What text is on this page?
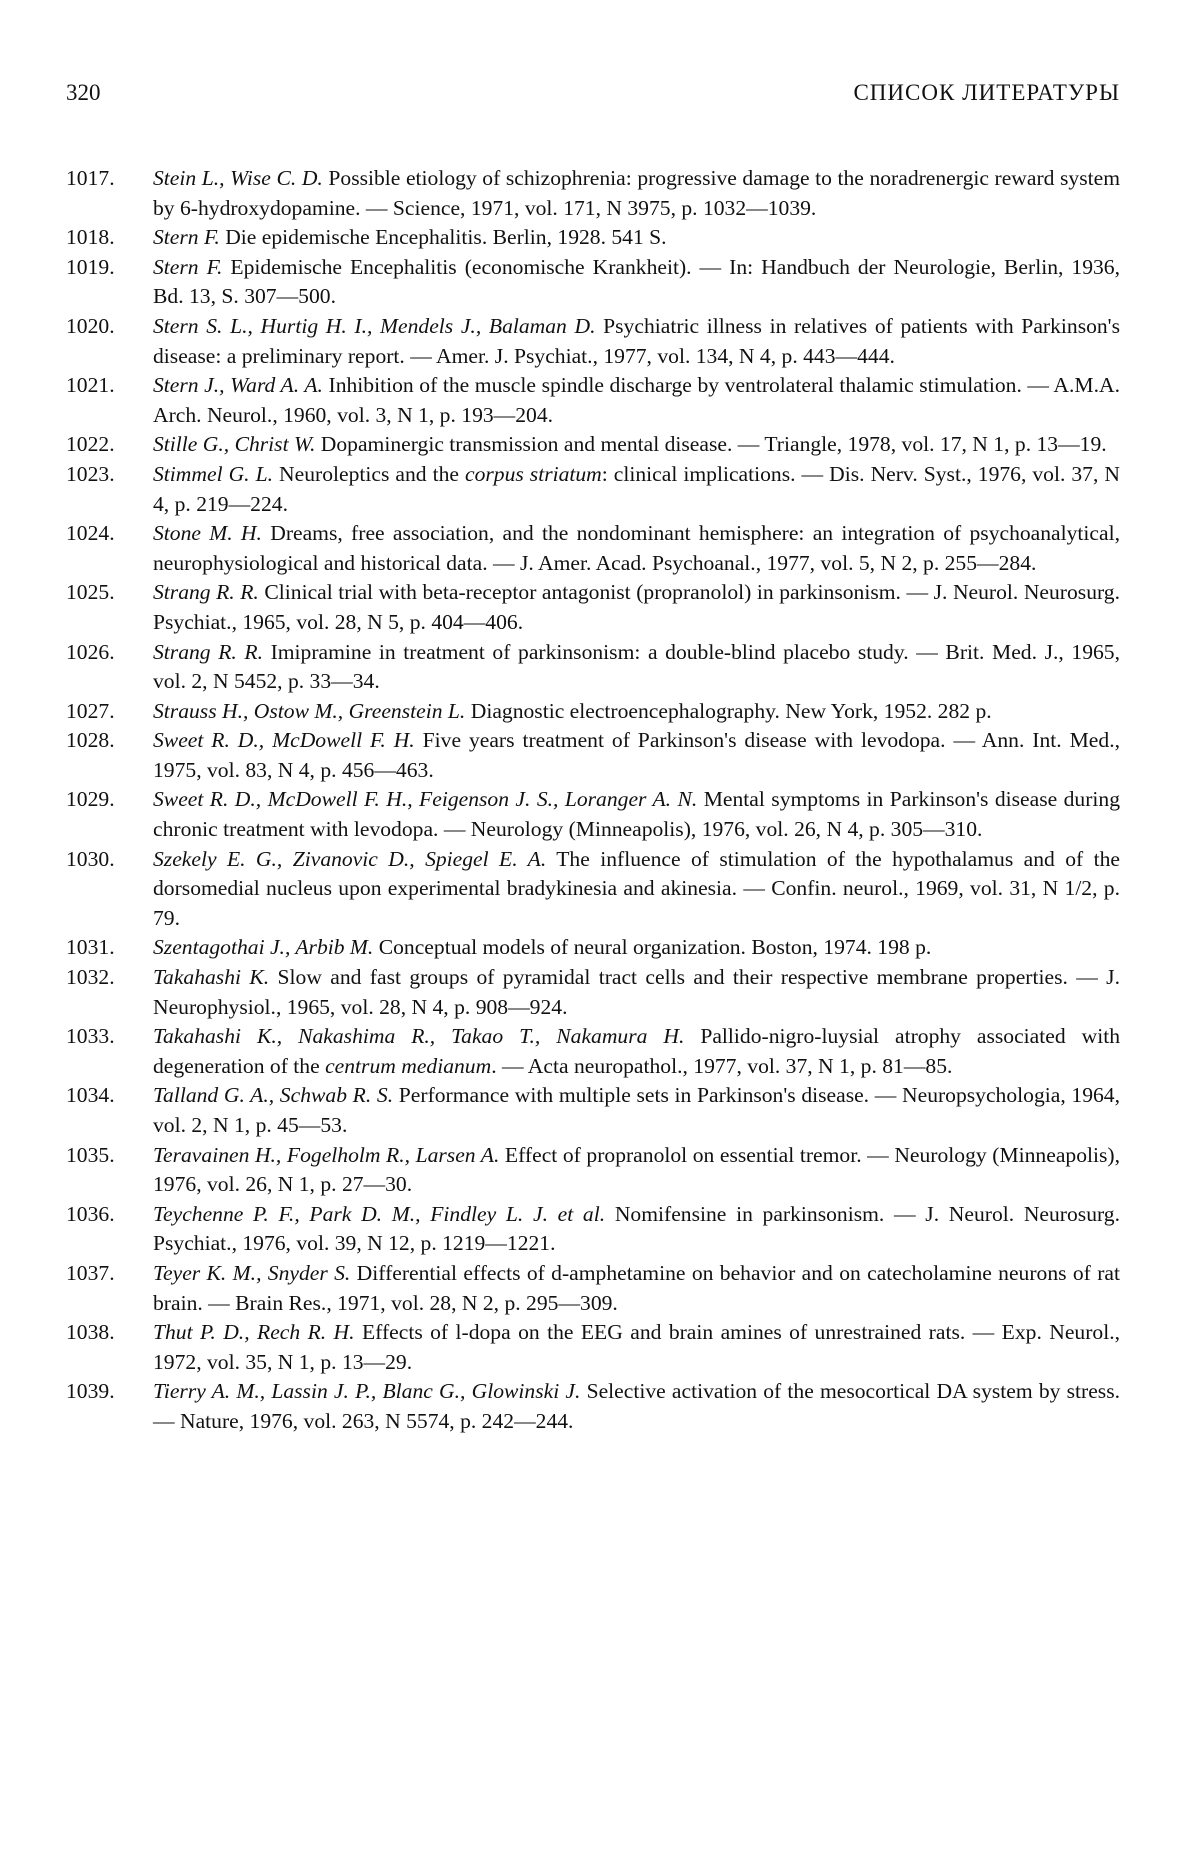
320	СПИСОК ЛИТЕРАТУРЫ
1017.	Stein L., Wise C. D. Possible etiology of schizophrenia: progressive damage to the noradrenergic reward system by 6-hydroxydopamine. — Science, 1971, vol. 171, N 3975, p. 1032—1039.
1018.	Stern F. Die epidemische Encephalitis. Berlin, 1928. 541 S.
1019.	Stern F. Epidemische Encephalitis (economische Krankheit). — In: Handbuch der Neurologie, Berlin, 1936, Bd. 13, S. 307—500.
1020.	Stern S. L., Hurtig H. I., Mendels J., Balaman D. Psychiatric illness in relatives of patients with Parkinson's disease: a preliminary report. — Amer. J. Psychiat., 1977, vol. 134, N 4, p. 443—444.
1021.	Stern J., Ward A. A. Inhibition of the muscle spindle discharge by ventrolateral thalamic stimulation. — A.M.A. Arch. Neurol., 1960, vol. 3, N 1, p. 193—204.
1022.	Stille G., Christ W. Dopaminergic transmission and mental disease. — Triangle, 1978, vol. 17, N 1, p. 13—19.
1023.	Stimmel G. L. Neuroleptics and the corpus striatum: clinical implications. — Dis. Nerv. Syst., 1976, vol. 37, N 4, p. 219—224.
1024.	Stone M. H. Dreams, free association, and the nondominant hemisphere: an integration of psychoanalytical, neurophysiological and historical data. — J. Amer. Acad. Psychoanal., 1977, vol. 5, N 2, p. 255—284.
1025.	Strang R. R. Clinical trial with beta-receptor antagonist (propranolol) in parkinsonism. — J. Neurol. Neurosurg. Psychiat., 1965, vol. 28, N 5, p. 404—406.
1026.	Strang R. R. Imipramine in treatment of parkinsonism: a double-blind placebo study. — Brit. Med. J., 1965, vol. 2, N 5452, p. 33—34.
1027.	Strauss H., Ostow M., Greenstein L. Diagnostic electroencephalography. New York, 1952. 282 p.
1028.	Sweet R. D., McDowell F. H. Five years treatment of Parkinson's disease with levodopa. — Ann. Int. Med., 1975, vol. 83, N 4, p. 456—463.
1029.	Sweet R. D., McDowell F. H., Feigenson J. S., Loranger A. N. Mental symptoms in Parkinson's disease during chronic treatment with levodopa. — Neurology (Minneapolis), 1976, vol. 26, N 4, p. 305—310.
1030.	Szekely E. G., Zivanovic D., Spiegel E. A. The influence of stimulation of the hypothalamus and of the dorsomedial nucleus upon experimental bradykinesia and akinesia. — Confin. neurol., 1969, vol. 31, N 1/2, p. 79.
1031.	Szentagothai J., Arbib M. Conceptual models of neural organization. Boston, 1974. 198 p.
1032.	Takahashi K. Slow and fast groups of pyramidal tract cells and their respective membrane properties. — J. Neurophysiol., 1965, vol. 28, N 4, p. 908—924.
1033.	Takahashi K., Nakashima R., Takao T., Nakamura H. Pallido-nigro-luysial atrophy associated with degeneration of the centrum medianum. — Acta neuropathol., 1977, vol. 37, N 1, p. 81—85.
1034.	Talland G. A., Schwab R. S. Performance with multiple sets in Parkinson's disease. — Neuropsychologia, 1964, vol. 2, N 1, p. 45—53.
1035.	Teravainen H., Fogelholm R., Larsen A. Effect of propranolol on essential tremor. — Neurology (Minneapolis), 1976, vol. 26, N 1, p. 27—30.
1036.	Teychenne P. F., Park D. M., Findley L. J. et al. Nomifensine in parkinsonism. — J. Neurol. Neurosurg. Psychiat., 1976, vol. 39, N 12, p. 1219—1221.
1037.	Teyer K. M., Snyder S. Differential effects of d-amphetamine on behavior and on catecholamine neurons of rat brain. — Brain Res., 1971, vol. 28, N 2, p. 295—309.
1038.	Thut P. D., Rech R. H. Effects of l-dopa on the EEG and brain amines of unrestrained rats. — Exp. Neurol., 1972, vol. 35, N 1, p. 13—29.
1039.	Tierry A. M., Lassin J. P., Blanc G., Glowinski J. Selective activation of the mesocortical DA system by stress. — Nature, 1976, vol. 263, N 5574, p. 242—244.
